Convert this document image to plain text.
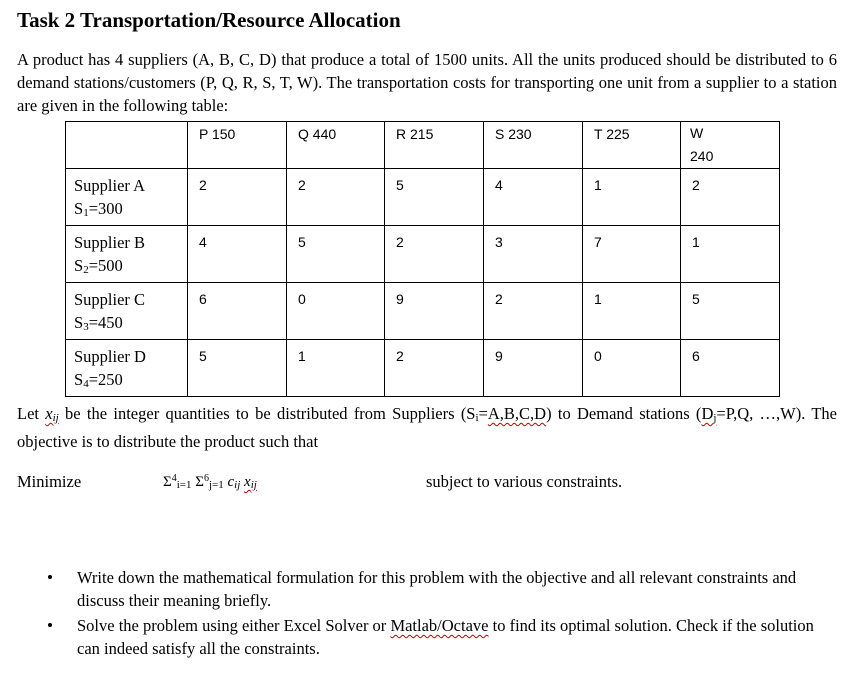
Task 2 Transportation/Resource Allocation
A product has 4 suppliers (A, B, C, D) that produce a total of 1500 units. All the units produced should be distributed to 6 demand stations/customers (P, Q, R, S, T, W). The transportation costs for transporting one unit from a supplier to a station are given in the following table:
	P 150	Q 440	R 215	S 230	T 225	W
240

Supplier A
S1=300	2	2	5	4	1	2

Supplier B
S2=500	4	5	2	3	7	1

Supplier C
S3=450	6	0	9	2	1	5

Supplier D
S4=250	5	1	2	9	0	6
Let xij be the integer quantities to be distributed from Suppliers (Si=A,B,C,D) to Demand stations (Dj=P,Q, …,W). The objective is to distribute the product such that
Minimize	$\Sigma^4i=1$ $\Sigma^6j=1$ cij xij	subject to various constraints.
Write down the mathematical formulation for this problem with the objective and all relevant constraints and discuss their meaning briefly.
Solve the problem using either Excel Solver or Matlab/Octave to find its optimal solution. Check if the solution can indeed satisfy all the constraints.
